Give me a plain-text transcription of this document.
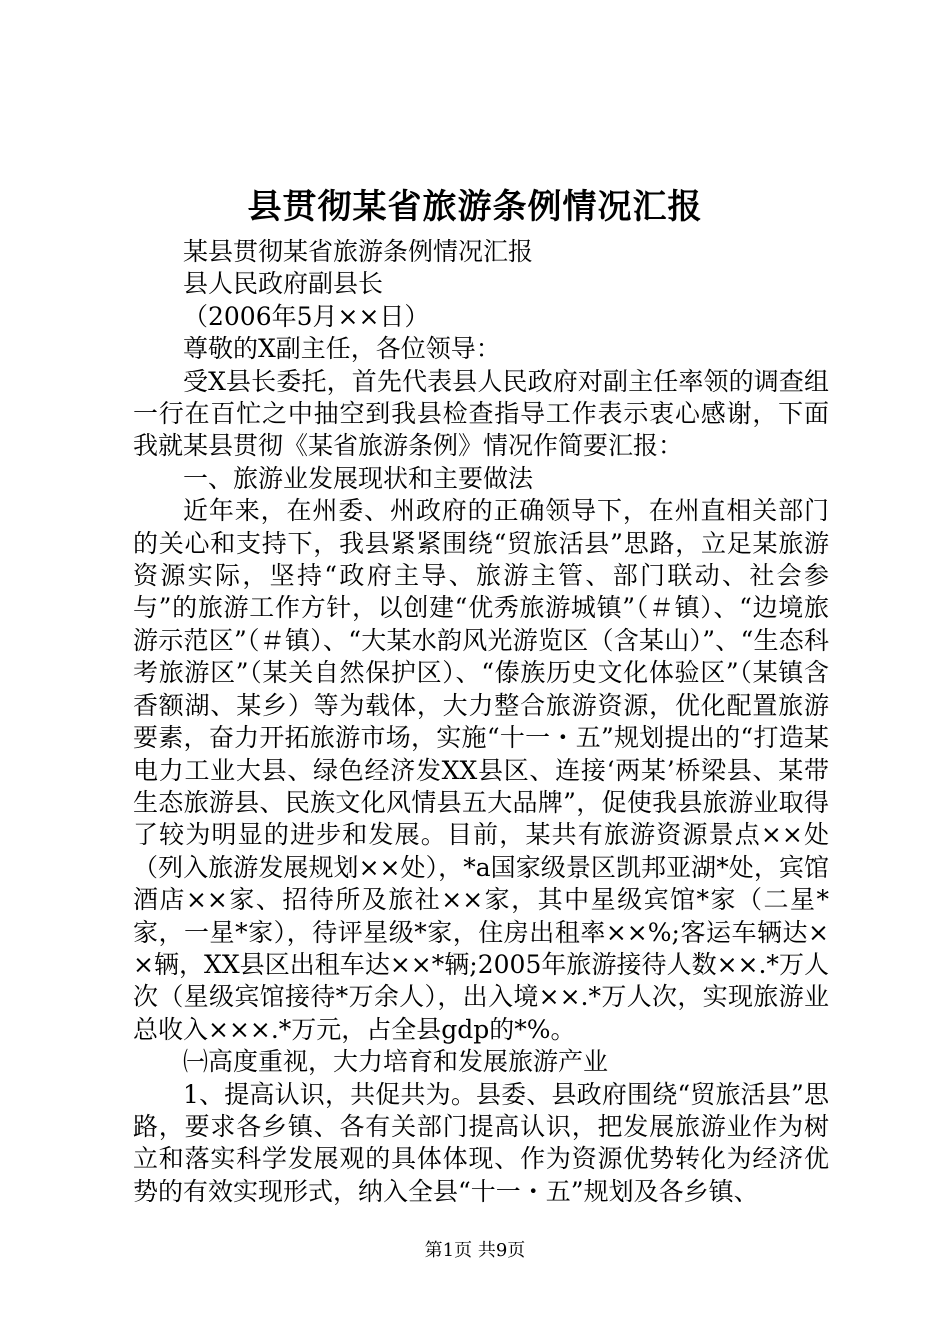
县贯彻某省旅游条例情况汇报

某县贯彻某省旅游条例情况汇报

县人民政府副县长

（2006年5月××日）

尊敬的X副主任，各位领导：

受X县长委托，首先代表县人民政府对副主任率领的调查组一行在百忙之中抽空到我县检查指导工作表示衷心感谢，下面我就某县贯彻《某省旅游条例》情况作简要汇报：

一、旅游业发展现状和主要做法

近年来，在州委、州政府的正确领导下，在州直相关部门的关心和支持下，我县紧紧围绕“贸旅活县”思路，立足某旅游资源实际，坚持“政府主导、旅游主管、部门联动、社会参与”的旅游工作方针，以创建“优秀旅游城镇”（＃镇）、“边境旅游示范区”（＃镇）、“大某水韵风光游览区（含某山）”、“生态科考旅游区”（某关自然保护区）、“傣族历史文化体验区”（某镇含香额湖、某乡）等为载体，大力整合旅游资源，优化配置旅游要素，奋力开拓旅游市场，实施“十一・五”规划提出的“打造某电力工业大县、绿色经济发XX县区、连接‘两某’桥梁县、某带生态旅游县、民族文化风情县五大品牌”，促使我县旅游业取得了较为明显的进步和发展。目前，某共有旅游资源景点××处（列入旅游发展规划××处），*a国家级景区凯邦亚湖*处，宾馆酒店××家、招待所及旅社××家，其中星级宾馆*家（二星*家，一星*家），待评星级*家，住房出租率××%;客运车辆达××辆，XX县区出租车达××*辆;2005年旅游接待人数××.*万人次（星级宾馆接待*万余人），出入境××.*万人次，实现旅游业总收入×××.*万元，占全县gdp的*%。

㈠高度重视，大力培育和发展旅游产业

1、提高认识，共促共为。县委、县政府围绕“贸旅活县”思路，要求各乡镇、各有关部门提高认识，把发展旅游业作为树立和落实科学发展观的具体体现、作为资源优势转化为经济优势的有效实现形式，纳入全县“十一・五”规划及各乡镇、

第1页 共9页
